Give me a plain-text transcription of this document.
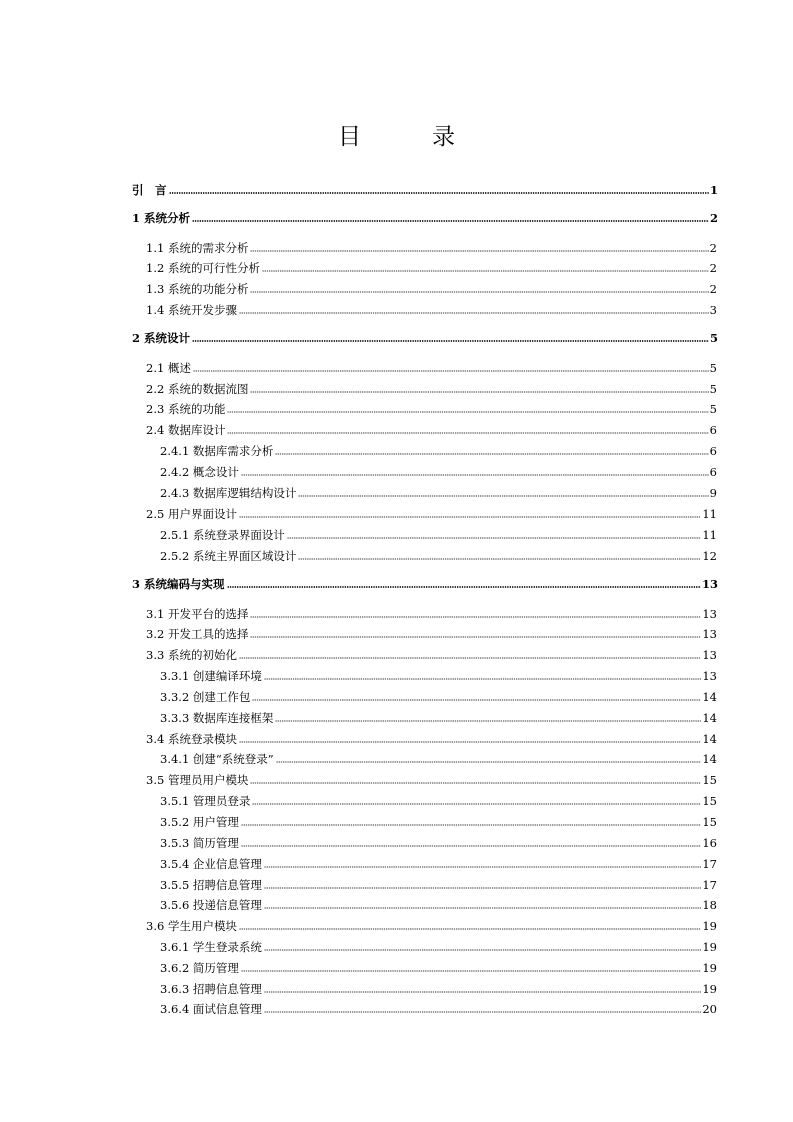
目　录
引　言	1
1 系统分析	2
1.1 系统的需求分析	2
1.2 系统的可行性分析	2
1.3 系统的功能分析	2
1.4 系统开发步骤	3
2 系统设计	5
2.1 概述	5
2.2 系统的数据流图	5
2.3 系统的功能	5
2.4 数据库设计	6
2.4.1 数据库需求分析	6
2.4.2 概念设计	6
2.4.3 数据库逻辑结构设计	9
2.5 用户界面设计	11
2.5.1 系统登录界面设计	11
2.5.2 系统主界面区域设计	12
3 系统编码与实现	13
3.1 开发平台的选择	13
3.2 开发工具的选择	13
3.3 系统的初始化	13
3.3.1 创建编译环境	13
3.3.2 创建工作包	14
3.3.3 数据库连接框架	14
3.4 系统登录模块	14
3.4.1 创建“系统登录”	14
3.5 管理员用户模块	15
3.5.1 管理员登录	15
3.5.2 用户管理	15
3.5.3 简历管理	16
3.5.4 企业信息管理	17
3.5.5 招聘信息管理	17
3.5.6 投递信息管理	18
3.6 学生用户模块	19
3.6.1 学生登录系统	19
3.6.2 简历管理	19
3.6.3 招聘信息管理	19
3.6.4 面试信息管理	20
